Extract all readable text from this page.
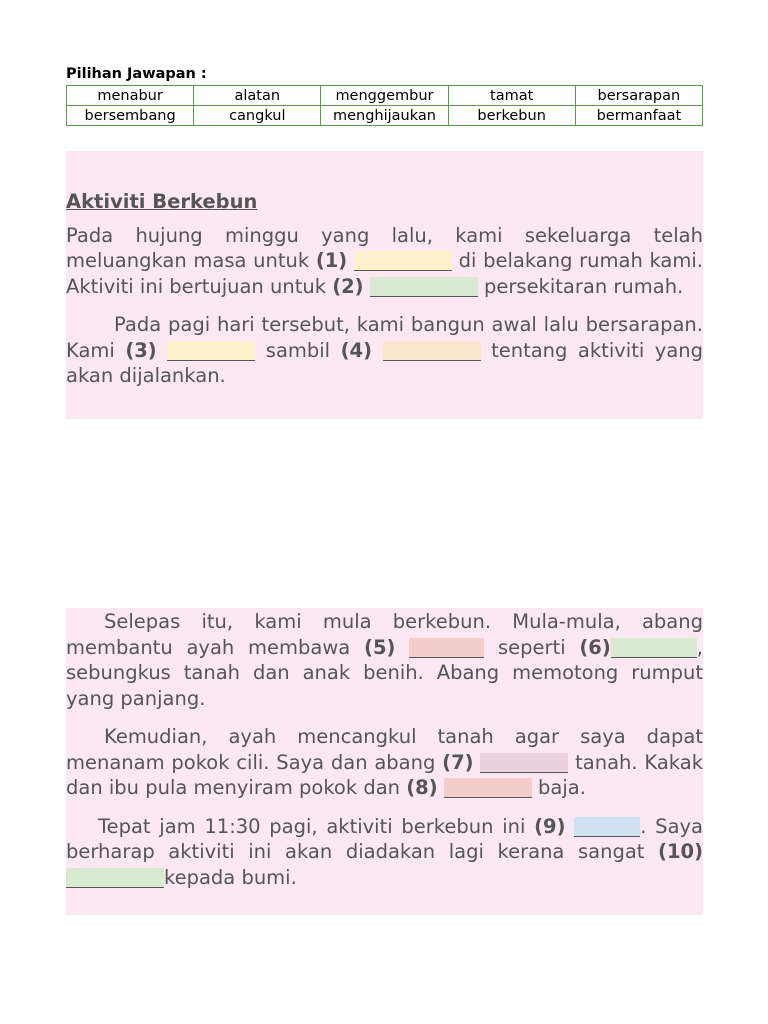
Pilihan Jawapan :

menabur	alatan	menggembur	tamat	bersarapan
bersembang	cangkul	menghijaukan	berkebun	bermanfaat

Aktiviti Berkebun

Pada hujung minggu yang lalu, kami sekeluarga telah meluangkan masa untuk (1)	di belakang rumah kami. Aktiviti ini bertujuan untuk (2)	persekitaran rumah.

Pada pagi hari tersebut, kami bangun awal lalu bersarapan. Kami (3)	sambil (4)	tentang aktiviti yang akan dijalankan.

Selepas itu, kami mula berkebun. Mula-mula, abang membantu ayah membawa (5)	seperti (6)	, sebungkus tanah dan anak benih. Abang memotong rumput yang panjang.

Kemudian, ayah mencangkul tanah agar saya dapat menanam pokok cili. Saya dan abang (7)	tanah. Kakak dan ibu pula menyiram pokok dan (8)	baja.

Tepat jam 11:30 pagi, aktiviti berkebun ini (9)	. Saya berharap aktiviti ini akan diadakan lagi kerana sangat (10) kepada bumi.
